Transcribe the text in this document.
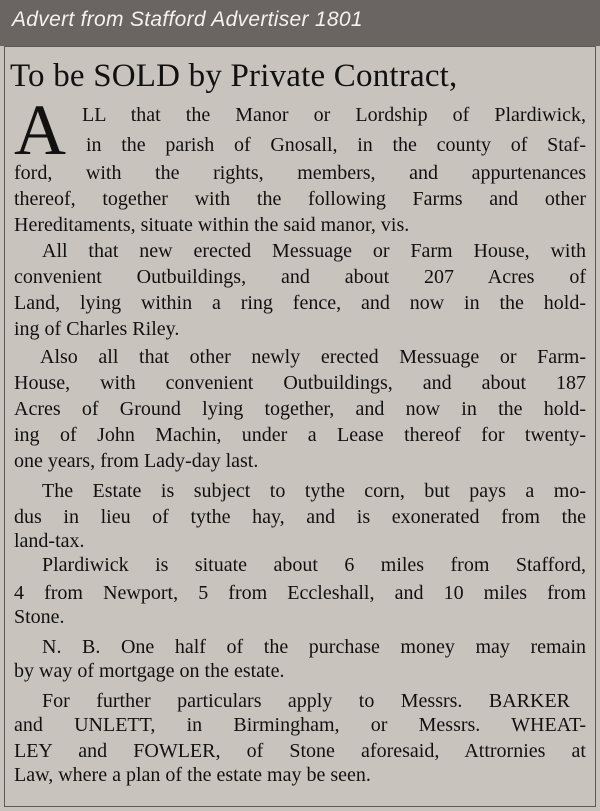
Advert from Stafford Advertiser 1801
To be SOLD by Private Contract,
A LL that the Manor or Lordship of Plardiwick,
in the parish of Gnosall, in the county of Staf-
ford, with the rights, members, and appurtenances
thereof, together with the following Farms and other
Hereditaments, situate within the said manor, vis.
All that new erected Messuage or Farm House, with
convenient Outbuildings, and about 207 Acres of
Land, lying within a ring fence, and now in the hold-
ing of Charles Riley.
Also all that other newly erected Messuage or Farm-
House, with convenient Outbuildings, and about 187
Acres of Ground lying together, and now in the hold-
ing of John Machin, under a Lease thereof for twenty-
one years, from Lady-day last.
The Estate is subject to tythe corn, but pays a mo-
dus in lieu of tythe hay, and is exonerated from the
land-tax.
Plardiwick is situate about 6 miles from Stafford,
4 from Newport, 5 from Eccleshall, and 10 miles from
Stone.
N. B. One half of the purchase money may remain
by way of mortgage on the estate.
For further particulars apply to Messrs. BARKER
and UNLETT, in Birmingham, or Messrs. WHEAT-
LEY and FOWLER, of Stone aforesaid, Attrornies at
Law, where a plan of the estate may be seen.
